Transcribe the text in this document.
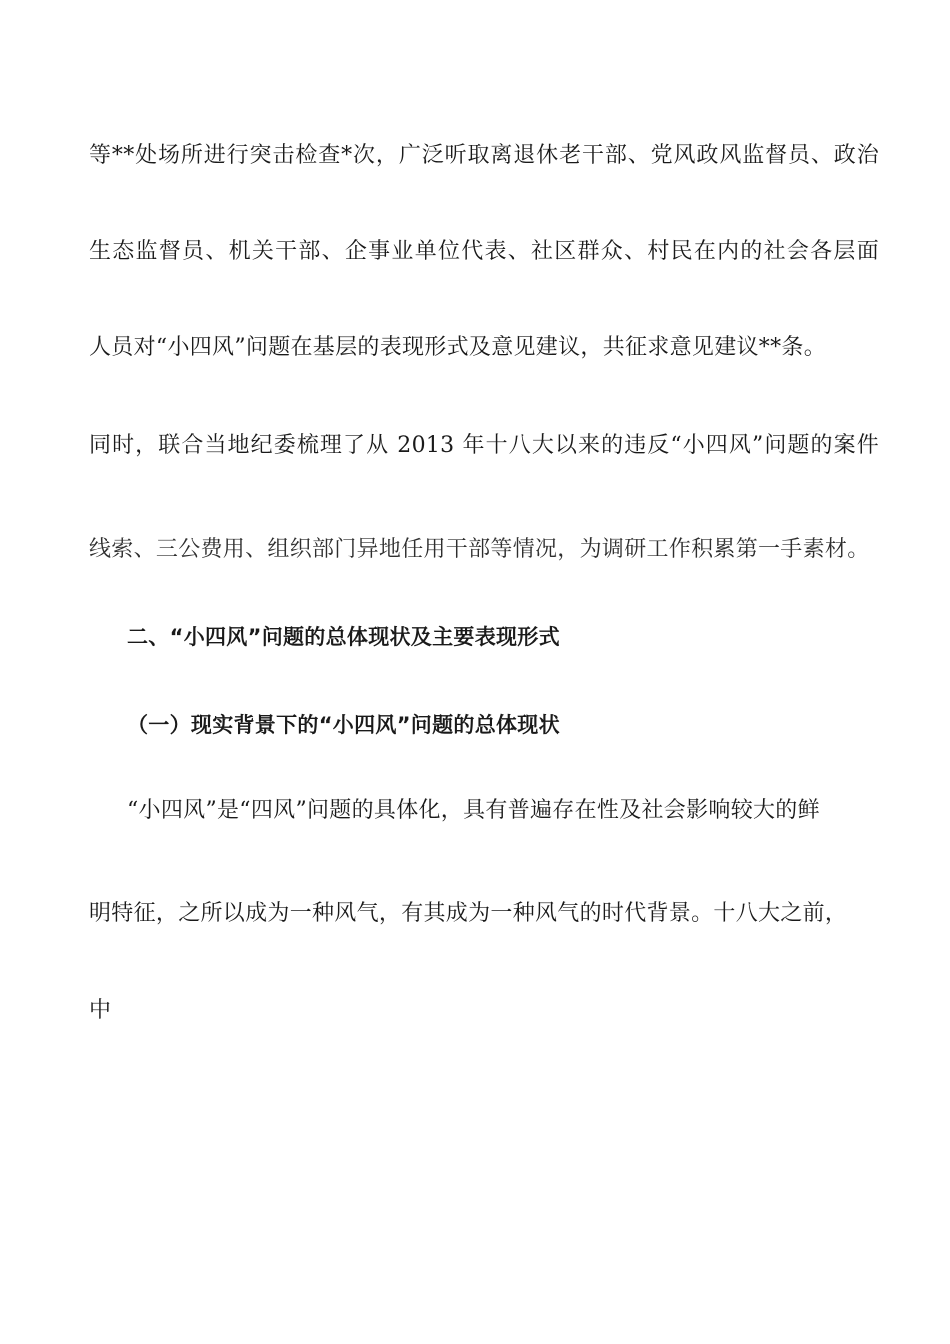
等**处场所进行突击检查*次，广泛听取离退休老干部、党风政风监督员、政治
生态监督员、机关干部、企事业单位代表、社区群众、村民在内的社会各层面
人员对“小四风”问题在基层的表现形式及意见建议，共征求意见建议**条。
同时，联合当地纪委梳理了从 2013 年十八大以来的违反“小四风”问题的案件
线索、三公费用、组织部门异地任用干部等情况，为调研工作积累第一手素材。
二、“小四风”问题的总体现状及主要表现形式
（一）现实背景下的“小四风”问题的总体现状
“小四风”是“四风”问题的具体化，具有普遍存在性及社会影响较大的鲜
明特征，之所以成为一种风气，有其成为一种风气的时代背景。十八大之前，
中
